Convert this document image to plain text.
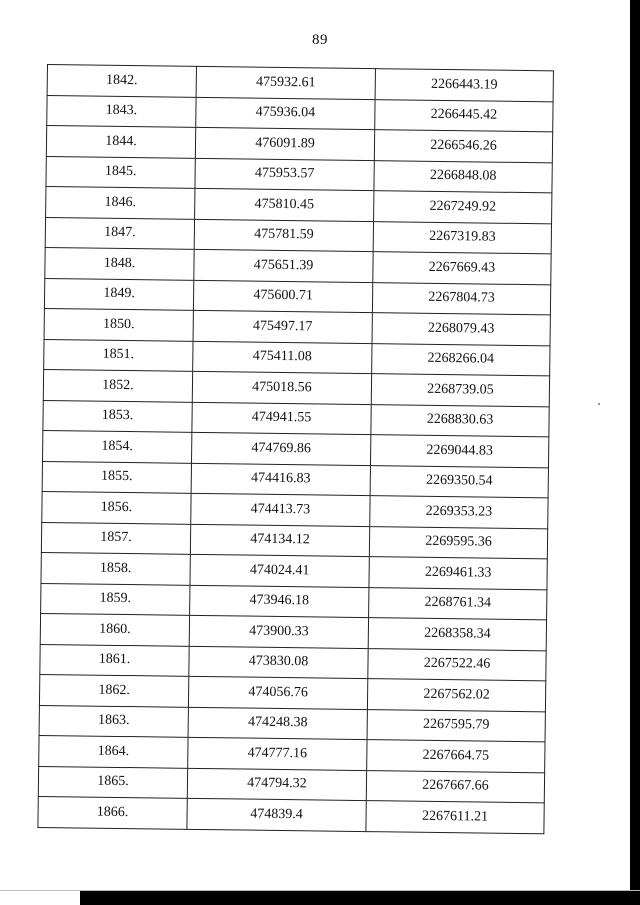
89
1842.	475932.61	2266443.19
1843.	475936.04	2266445.42
1844.	476091.89	2266546.26
1845.	475953.57	2266848.08
1846.	475810.45	2267249.92
1847.	475781.59	2267319.83
1848.	475651.39	2267669.43
1849.	475600.71	2267804.73
1850.	475497.17	2268079.43
1851.	475411.08	2268266.04
1852.	475018.56	2268739.05
1853.	474941.55	2268830.63
1854.	474769.86	2269044.83
1855.	474416.83	2269350.54
1856.	474413.73	2269353.23
1857.	474134.12	2269595.36
1858.	474024.41	2269461.33
1859.	473946.18	2268761.34
1860.	473900.33	2268358.34
1861.	473830.08	2267522.46
1862.	474056.76	2267562.02
1863.	474248.38	2267595.79
1864.	474777.16	2267664.75
1865.	474794.32	2267667.66
1866.	474839.4	2267611.21
